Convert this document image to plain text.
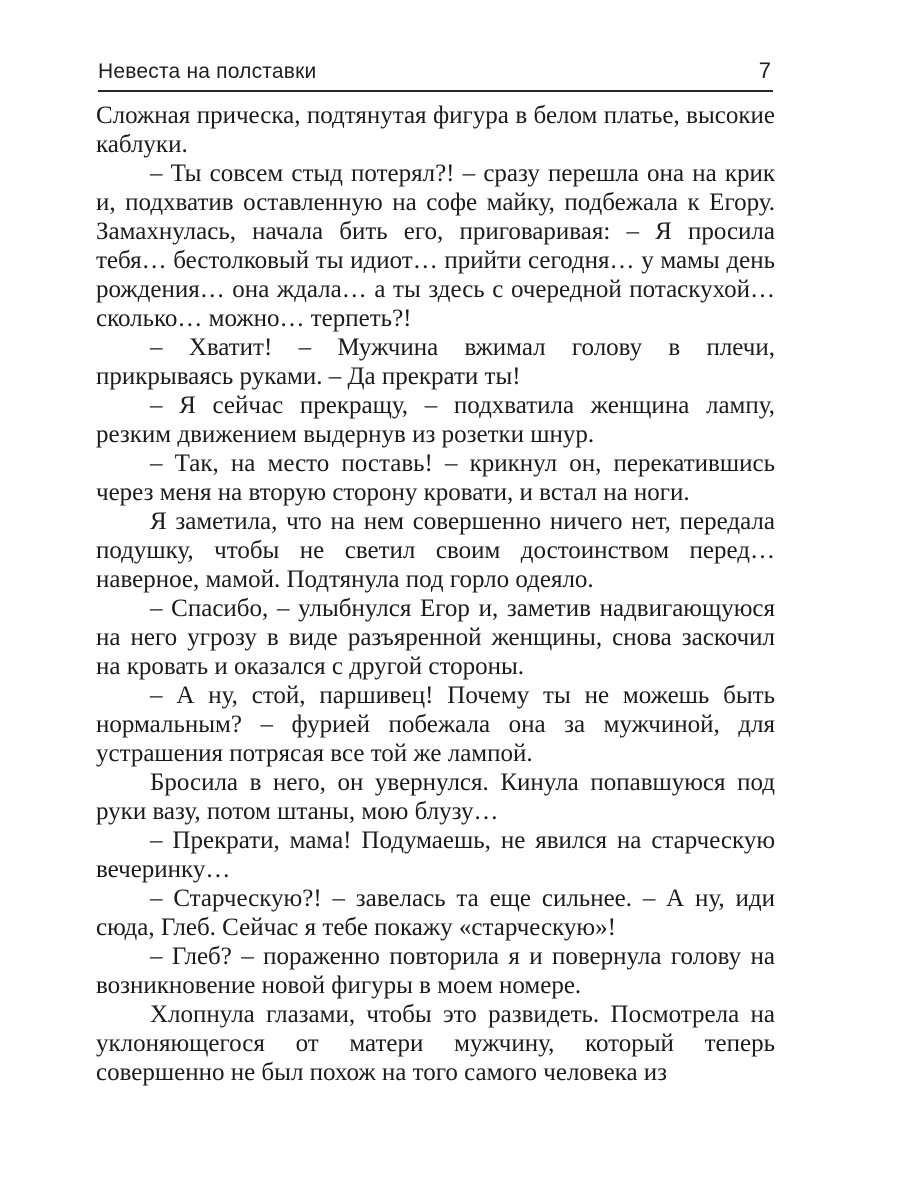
Невеста на полставки	7

Сложная прическа, подтянутая фигура в белом платье, высокие каблуки.

– Ты совсем стыд потерял?! – сразу перешла она на крик и, подхватив оставленную на софе майку, подбежала к Егору. Замахнулась, начала бить его, приговаривая: – Я просила тебя… бестолковый ты идиот… прийти сегодня… у мамы день рождения… она ждала… а ты здесь с очередной потаскухой… сколько… можно… терпеть?!

– Хватит! – Мужчина вжимал голову в плечи, прикрываясь руками. – Да прекрати ты!

– Я сейчас прекращу, – подхватила женщина лампу, резким движением выдернув из розетки шнур.

– Так, на место поставь! – крикнул он, перекатившись через меня на вторую сторону кровати, и встал на ноги.

Я заметила, что на нем совершенно ничего нет, передала подушку, чтобы не светил своим достоинством перед… наверное, мамой. Подтянула под горло одеяло.

– Спасибо, – улыбнулся Егор и, заметив надвигающуюся на него угрозу в виде разъяренной женщины, снова заскочил на кровать и оказался с другой стороны.

– А ну, стой, паршивец! Почему ты не можешь быть нормальным? – фурией побежала она за мужчиной, для устрашения потрясая все той же лампой.

Бросила в него, он увернулся. Кинула попавшуюся под руки вазу, потом штаны, мою блузу…

– Прекрати, мама! Подумаешь, не явился на старческую вечеринку…

– Старческую?! – завелась та еще сильнее. – А ну, иди сюда, Глеб. Сейчас я тебе покажу «старческую»!

– Глеб? – пораженно повторила я и повернула голову на возникновение новой фигуры в моем номере.

Хлопнула глазами, чтобы это развидеть. Посмотрела на уклоняющегося от матери мужчину, который теперь совершенно не был похож на того самого человека из
